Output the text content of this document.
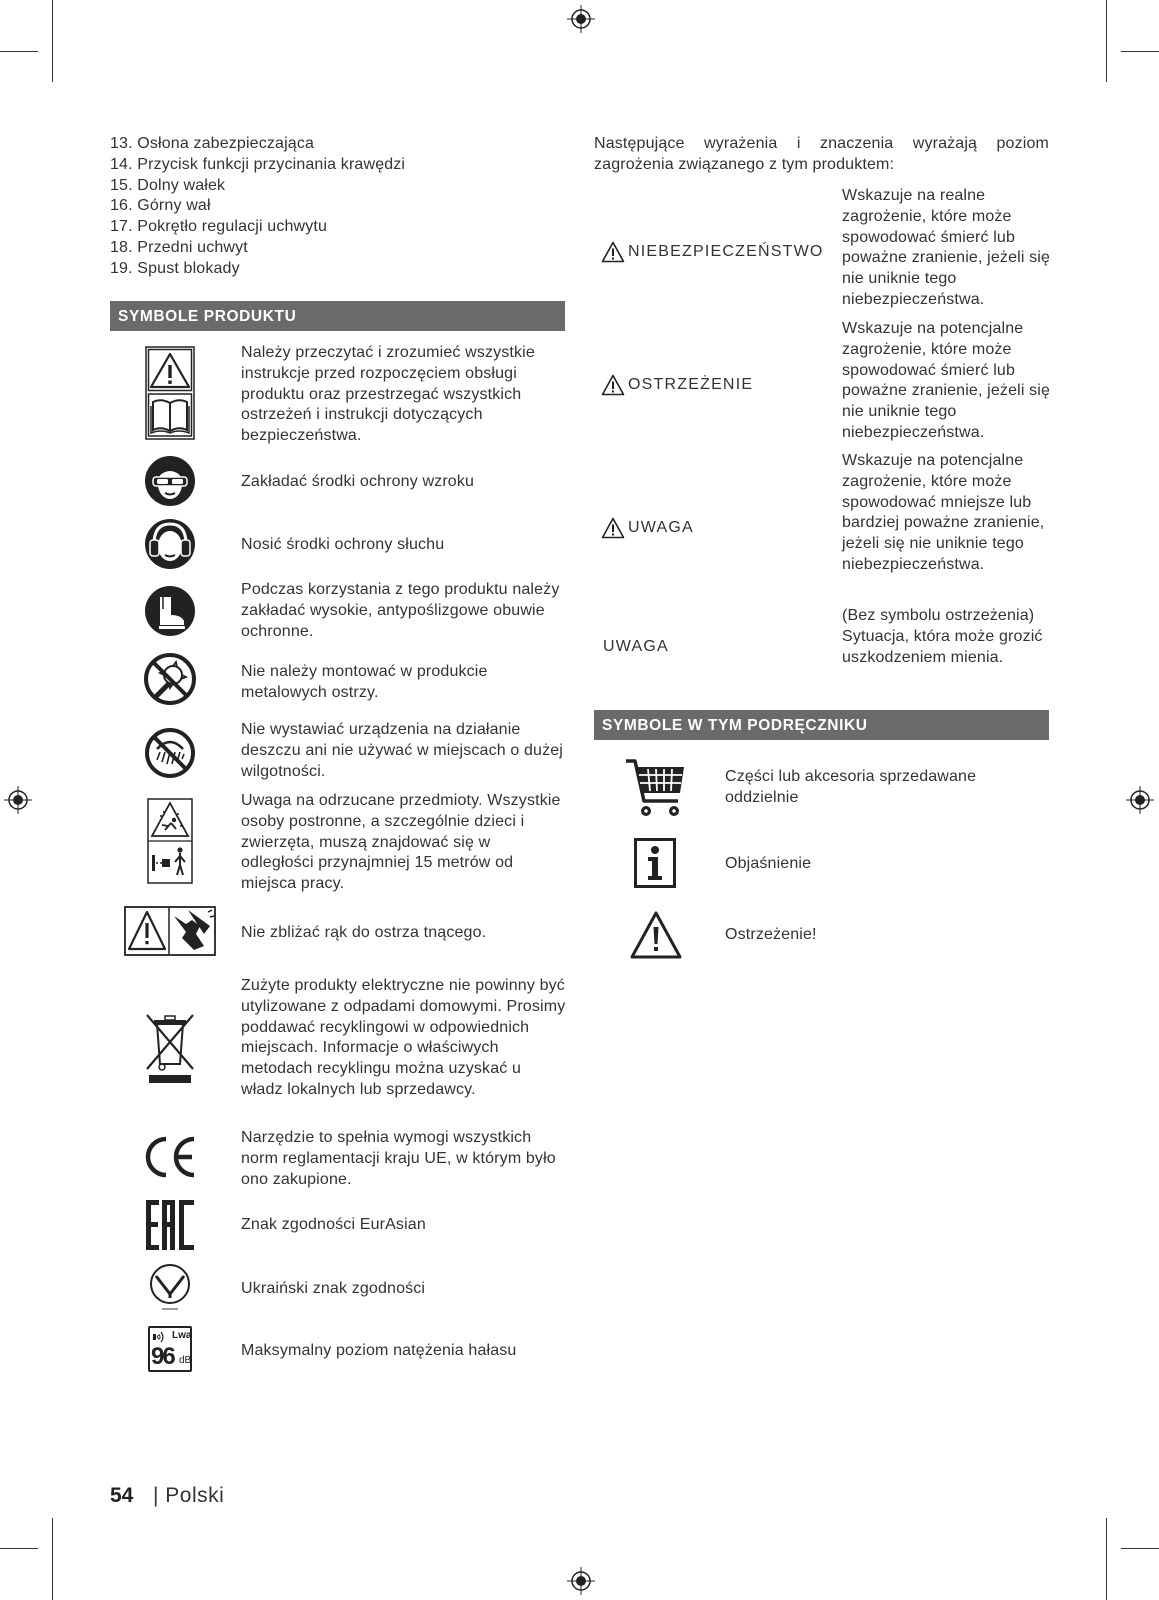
13. Osłona zabezpieczająca
14. Przycisk funkcji przycinania krawędzi
15. Dolny wałek
16. Górny wał
17. Pokrętło regulacji uchwytu
18. Przedni uchwyt
19. Spust blokady
SYMBOLE PRODUKTU
Należy przeczytać i zrozumieć wszystkie instrukcje przed rozpoczęciem obsługi produktu oraz przestrzegać wszystkich ostrzeżeń i instrukcji dotyczących bezpieczeństwa.
Zakładać środki ochrony wzroku
Nosić środki ochrony słuchu
Podczas korzystania z tego produktu należy zakładać wysokie, antypoślizgowe obuwie ochronne.
Nie należy montować w produkcie metalowych ostrzy.
Nie wystawiać urządzenia na działanie deszczu ani nie używać w miejscach o dużej wilgotności.
Uwaga na odrzucane przedmioty. Wszystkie osoby postronne, a szczególnie dzieci i zwierzęta, muszą znajdować się w odległości przynajmniej 15 metrów od miejsca pracy.
Nie zbliżać rąk do ostrza tnącego.
Zużyte produkty elektryczne nie powinny być utylizowane z odpadami domowymi. Prosimy poddawać recyklingowi w odpowiednich miejscach. Informacje o właściwych metodach recyklingu można uzyskać u władz lokalnych lub sprzedawcy.
Narzędzie to spełnia wymogi wszystkich norm reglamentacji kraju UE, w którym było ono zakupione.
Znak zgodności EurAsian
Ukraiński znak zgodności
Lwa
96 dB
Maksymalny poziom natężenia hałasu
Następujące wyrażenia i znaczenia wyrażają poziom zagrożenia związanego z tym produktem:
NIEBEZPIECZEŃSTWO
Wskazuje na realne zagrożenie, które może spowodować śmierć lub poważne zranienie, jeżeli się nie uniknie tego niebezpieczeństwa.
OSTRZEŻENIE
Wskazuje na potencjalne zagrożenie, które może spowodować śmierć lub poważne zranienie, jeżeli się nie uniknie tego niebezpieczeństwa.
UWAGA
Wskazuje na potencjalne zagrożenie, które może spowodować mniejsze lub bardziej poważne zranienie, jeżeli się nie uniknie tego niebezpieczeństwa.
UWAGA
(Bez symbolu ostrzeżenia) Sytuacja, która może grozić uszkodzeniem mienia.
SYMBOLE W TYM PODRĘCZNIKU
Części lub akcesoria sprzedawane oddzielnie
Objaśnienie
Ostrzeżenie!
54 | Polski
